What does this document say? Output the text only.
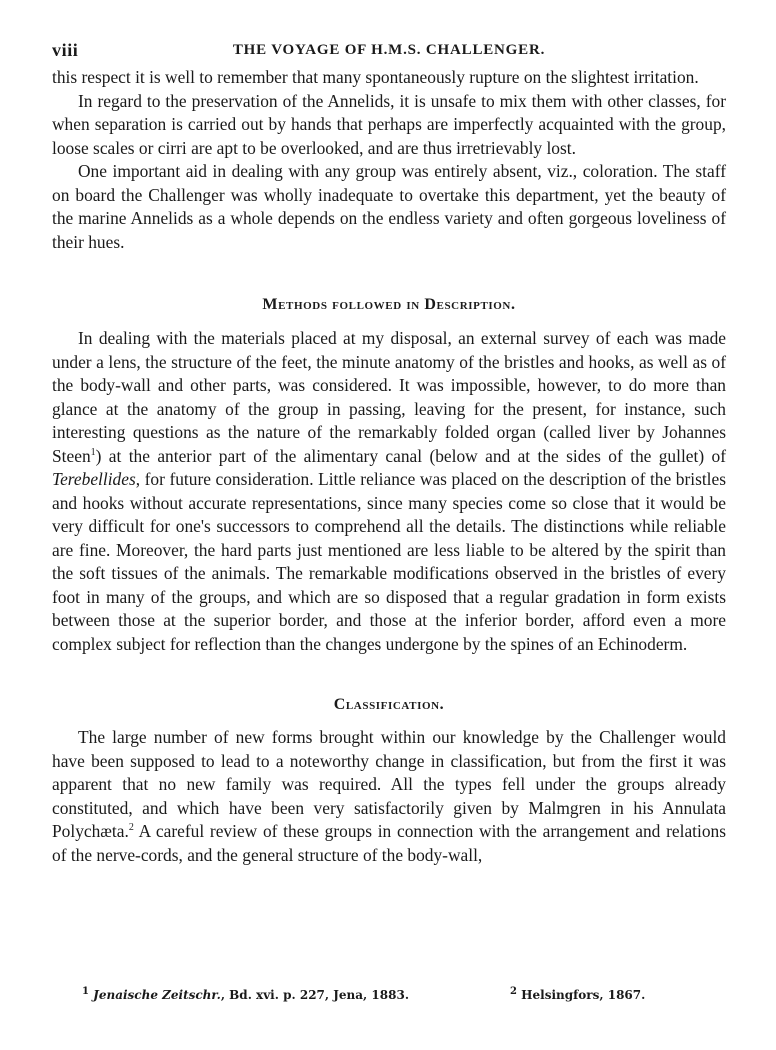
viii	THE VOYAGE OF H.M.S. CHALLENGER.

this respect it is well to remember that many spontaneously rupture on the slightest irritation.

In regard to the preservation of the Annelids, it is unsafe to mix them with other classes, for when separation is carried out by hands that perhaps are imperfectly acquainted with the group, loose scales or cirri are apt to be overlooked, and are thus irretrievably lost.

One important aid in dealing with any group was entirely absent, viz., coloration. The staff on board the Challenger was wholly inadequate to overtake this department, yet the beauty of the marine Annelids as a whole depends on the endless variety and often gorgeous loveliness of their hues.

Methods followed in Description.

In dealing with the materials placed at my disposal, an external survey of each was made under a lens, the structure of the feet, the minute anatomy of the bristles and hooks, as well as of the body-wall and other parts, was considered. It was impossible, however, to do more than glance at the anatomy of the group in passing, leaving for the present, for instance, such interesting questions as the nature of the remarkably folded organ (called liver by Johannes Steen$^1$) at the anterior part of the alimentary canal (below and at the sides of the gullet) of Terebellides, for future consideration. Little reliance was placed on the description of the bristles and hooks without accurate representations, since many species come so close that it would be very difficult for one's successors to comprehend all the details. The distinctions while reliable are fine. Moreover, the hard parts just mentioned are less liable to be altered by the spirit than the soft tissues of the animals. The remarkable modifications observed in the bristles of every foot in many of the groups, and which are so disposed that a regular gradation in form exists between those at the superior border, and those at the inferior border, afford even a more complex subject for reflection than the changes undergone by the spines of an Echinoderm.

Classification.

The large number of new forms brought within our knowledge by the Challenger would have been supposed to lead to a noteworthy change in classification, but from the first it was apparent that no new family was required. All the types fell under the groups already constituted, and which have been very satisfactorily given by Malmgren in his Annulata Polychæta.$^2$ A careful review of these groups in connection with the arrangement and relations of the nerve-cords, and the general structure of the body-wall,

$^1$ Jenaische Zeitschr., Bd. xvi. p. 227, Jena, 1883.	$^2$ Helsingfors, 1867.
